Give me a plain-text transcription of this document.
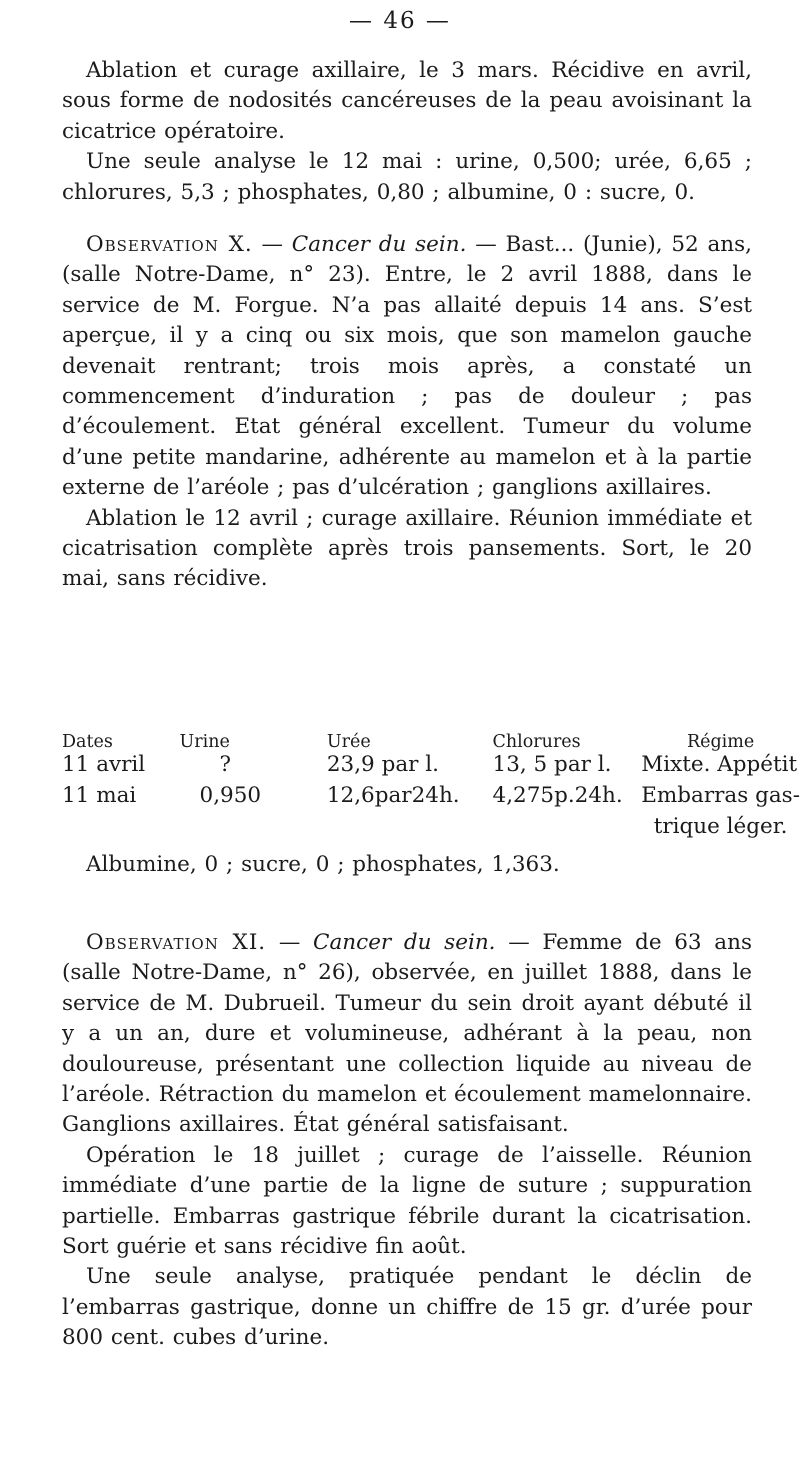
— 46 —

Ablation et curage axillaire, le 3 mars. Récidive en avril, sous forme de nodosités cancéreuses de la peau avoisinant la cicatrice opératoire.

Une seule analyse le 12 mai : urine, 0,500; urée, 6,65 ; chlorures, 5,3 ; phosphates, 0,80 ; albumine, 0 : sucre, 0.

Observation X. — Cancer du sein. — Bast... (Junie), 52 ans, (salle Notre-Dame, n° 23). Entre, le 2 avril 1888, dans le service de M. Forgue. N’a pas allaité depuis 14 ans. S’est aperçue, il y a cinq ou six mois, que son mamelon gauche devenait rentrant; trois mois après, a constaté un commencement d’induration ; pas de douleur ; pas d’écoulement. Etat général excellent. Tumeur du volume d’une petite mandarine, adhérente au mamelon et à la partie externe de l’aréole ; pas d’ulcération ; ganglions axillaires.

Ablation le 12 avril ; curage axillaire. Réunion immédiate et cicatrisation complète après trois pansements. Sort, le 20 mai, sans récidive.

Dates	Urine	Urée	Chlorures	Régime
11 avril	?	23,9 par l.	13, 5 par l.	Mixte. Appétit
11 mai	0,950	12,6par24h.	4,275p.24h.	Embarras gas-
				trique léger.

Albumine, 0 ; sucre, 0 ; phosphates, 1,363.

Observation XI. — Cancer du sein. — Femme de 63 ans (salle Notre-Dame, n° 26), observée, en juillet 1888, dans le service de M. Dubrueil. Tumeur du sein droit ayant débuté il y a un an, dure et volumineuse, adhérant à la peau, non douloureuse, présentant une collection liquide au niveau de l’aréole. Rétraction du mamelon et écoulement mamelonnaire. Ganglions axillaires. État général satisfaisant.

Opération le 18 juillet ; curage de l’aisselle. Réunion immédiate d’une partie de la ligne de suture ; suppuration partielle. Embarras gastrique fébrile durant la cicatrisation. Sort guérie et sans récidive fin août.

Une seule analyse, pratiquée pendant le déclin de l’embarras gastrique, donne un chiffre de 15 gr. d’urée pour 800 cent. cubes d’urine.
